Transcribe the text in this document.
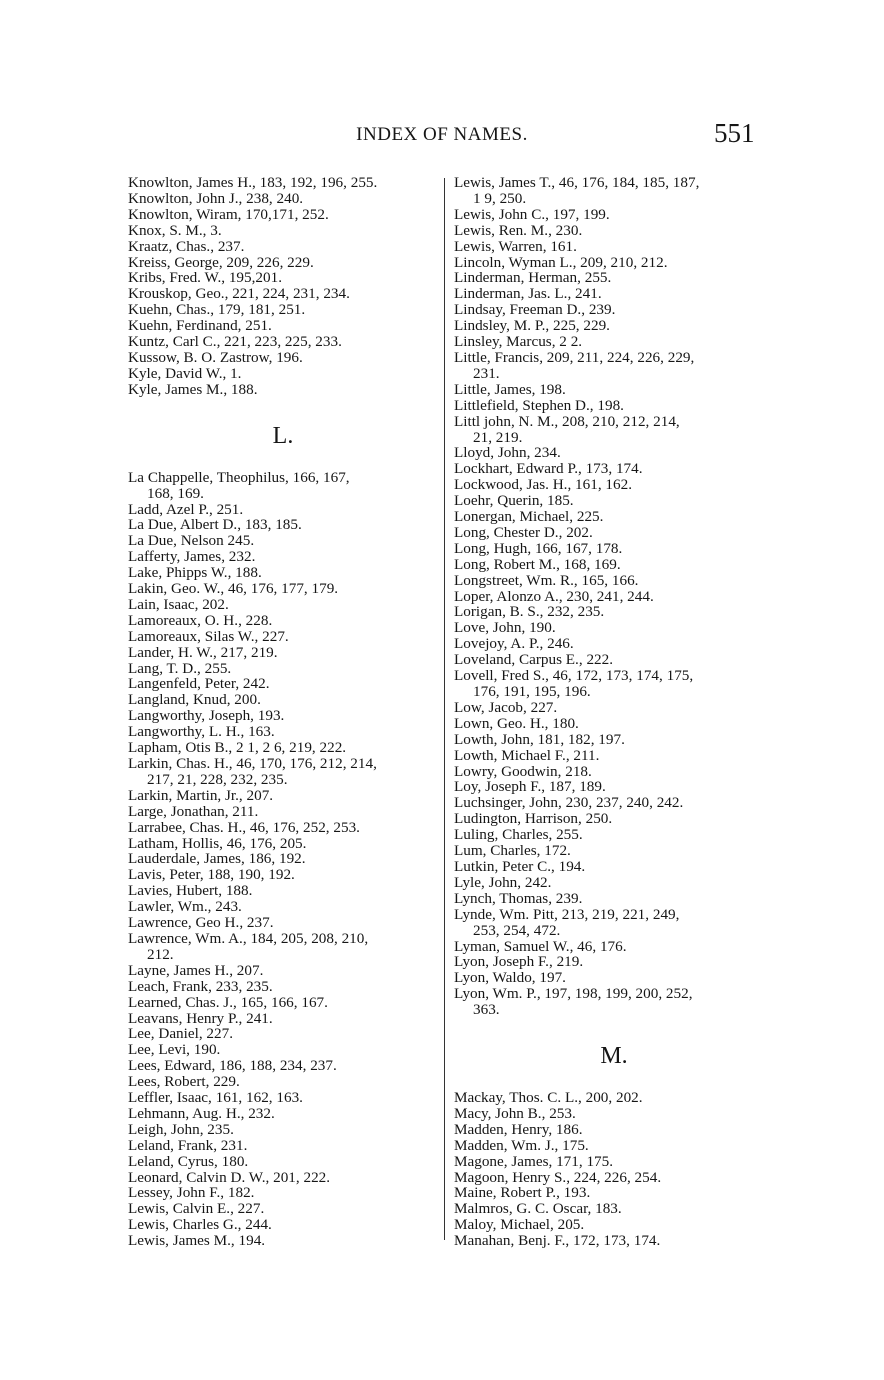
INDEX OF NAMES.	551
Knowlton, James H., 183, 192, 196, 255.
Knowlton, John J., 238, 240.
Knowlton, Wiram, 170,171, 252.
Knox, S. M., 3.
Kraatz, Chas., 237.
Kreiss, George, 209, 226, 229.
Kribs, Fred. W., 195,201.
Krouskop, Geo., 221, 224, 231, 234.
Kuehn, Chas., 179, 181, 251.
Kuehn, Ferdinand, 251.
Kuntz, Carl C., 221, 223, 225, 233.
Kussow, B. O. Zastrow, 196.
Kyle, David W., 1.
Kyle, James M., 188.
L.
La Chappelle, Theophilus, 166, 167,
168, 169.
Ladd, Azel P., 251.
La Due, Albert D., 183, 185.
La Due, Nelson 245.
Lafferty, James, 232.
Lake, Phipps W., 188.
Lakin, Geo. W., 46, 176, 177, 179.
Lain, Isaac, 202.
Lamoreaux, O. H., 228.
Lamoreaux, Silas W., 227.
Lander, H. W., 217, 219.
Lang, T. D., 255.
Langenfeld, Peter, 242.
Langland, Knud, 200.
Langworthy, Joseph, 193.
Langworthy, L. H., 163.
Lapham, Otis B., 2 1, 2 6, 219, 222.
Larkin, Chas. H., 46, 170, 176, 212, 214,
217, 21, 228, 232, 235.
Larkin, Martin, Jr., 207.
Large, Jonathan, 211.
Larrabee, Chas. H., 46, 176, 252, 253.
Latham, Hollis, 46, 176, 205.
Lauderdale, James, 186, 192.
Lavis, Peter, 188, 190, 192.
Lavies, Hubert, 188.
Lawler, Wm., 243.
Lawrence, Geo H., 237.
Lawrence, Wm. A., 184, 205, 208, 210,
212.
Layne, James H., 207.
Leach, Frank, 233, 235.
Learned, Chas. J., 165, 166, 167.
Leavans, Henry P., 241.
Lee, Daniel, 227.
Lee, Levi, 190.
Lees, Edward, 186, 188, 234, 237.
Lees, Robert, 229.
Leffler, Isaac, 161, 162, 163.
Lehmann, Aug. H., 232.
Leigh, John, 235.
Leland, Frank, 231.
Leland, Cyrus, 180.
Leonard, Calvin D. W., 201, 222.
Lessey, John F., 182.
Lewis, Calvin E., 227.
Lewis, Charles G., 244.
Lewis, James M., 194.
Lewis, James T., 46, 176, 184, 185, 187,
1 9, 250.
Lewis, John C., 197, 199.
Lewis, Ren. M., 230.
Lewis, Warren, 161.
Lincoln, Wyman L., 209, 210, 212.
Linderman, Herman, 255.
Linderman, Jas. L., 241.
Lindsay, Freeman D., 239.
Lindsley, M. P., 225, 229.
Linsley, Marcus, 2 2.
Little, Francis, 209, 211, 224, 226, 229,
231.
Little, James, 198.
Littlefield, Stephen D., 198.
Littl john, N. M., 208, 210, 212, 214,
21, 219.
Lloyd, John, 234.
Lockhart, Edward P., 173, 174.
Lockwood, Jas. H., 161, 162.
Loehr, Querin, 185.
Lonergan, Michael, 225.
Long, Chester D., 202.
Long, Hugh, 166, 167, 178.
Long, Robert M., 168, 169.
Longstreet, Wm. R., 165, 166.
Loper, Alonzo A., 230, 241, 244.
Lorigan, B. S., 232, 235.
Love, John, 190.
Lovejoy, A. P., 246.
Loveland, Carpus E., 222.
Lovell, Fred S., 46, 172, 173, 174, 175,
176, 191, 195, 196.
Low, Jacob, 227.
Lown, Geo. H., 180.
Lowth, John, 181, 182, 197.
Lowth, Michael F., 211.
Lowry, Goodwin, 218.
Loy, Joseph F., 187, 189.
Luchsinger, John, 230, 237, 240, 242.
Ludington, Harrison, 250.
Luling, Charles, 255.
Lum, Charles, 172.
Lutkin, Peter C., 194.
Lyle, John, 242.
Lynch, Thomas, 239.
Lynde, Wm. Pitt, 213, 219, 221, 249,
253, 254, 472.
Lyman, Samuel W., 46, 176.
Lyon, Joseph F., 219.
Lyon, Waldo, 197.
Lyon, Wm. P., 197, 198, 199, 200, 252,
363.
M.
Mackay, Thos. C. L., 200, 202.
Macy, John B., 253.
Madden, Henry, 186.
Madden, Wm. J., 175.
Magone, James, 171, 175.
Magoon, Henry S., 224, 226, 254.
Maine, Robert P., 193.
Malmros, G. C. Oscar, 183.
Maloy, Michael, 205.
Manahan, Benj. F., 172, 173, 174.
